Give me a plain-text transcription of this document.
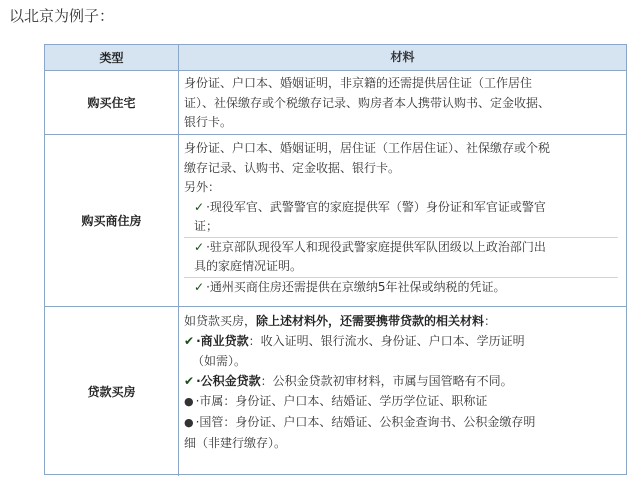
以北京为例子：
类型	材料
购买住宅
身份证、户口本、婚姻证明，非京籍的还需提供居住证（工作居住
证）、社保缴存或个税缴存记录、购房者本人携带认购书、定金收据、
银行卡。
购买商住房
身份证、户口本、婚姻证明，居住证（工作居住证）、社保缴存或个税
缴存记录、认购书、定金收据、银行卡。
另外：
✓ ·现役军官、武警警官的家庭提供军（警）身份证和军官证或警官
证；
✓ ·驻京部队现役军人和现役武警家庭提供军队团级以上政治部门出
具的家庭情况证明。
✓ ·通州买商住房还需提供在京缴纳5年社保或纳税的凭证。
贷款买房
如贷款买房，除上述材料外，还需要携带贷款的相关材料：
✔ ·商业贷款：收入证明、银行流水、身份证、户口本、学历证明
（如需）。
✔ ·公积金贷款：公积金贷款初审材料，市属与国管略有不同。
● ·市属：身份证、户口本、结婚证、学历学位证、职称证
● ·国管：身份证、户口本、结婚证、公积金查询书、公积金缴存明
细（非建行缴存）。
